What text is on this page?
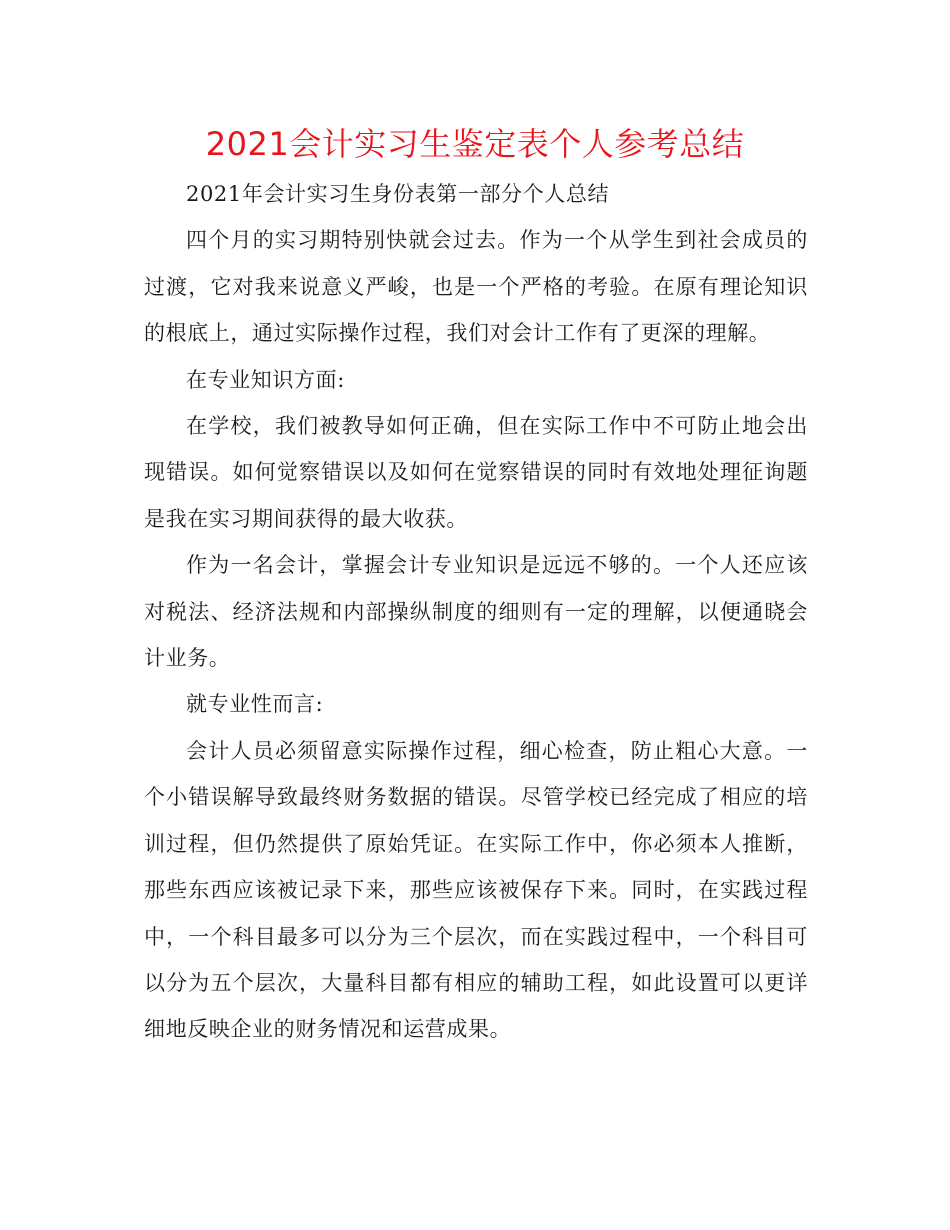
2021会计实习生鉴定表个人参考总结

2021年会计实习生身份表第一部分个人总结

四个月的实习期特别快就会过去。作为一个从学生到社会成员的过渡，它对我来说意义严峻，也是一个严格的考验。在原有理论知识的根底上，通过实际操作过程，我们对会计工作有了更深的理解。

在专业知识方面:

在学校，我们被教导如何正确，但在实际工作中不可防止地会出现错误。如何觉察错误以及如何在觉察错误的同时有效地处理征询题是我在实习期间获得的最大收获。

作为一名会计，掌握会计专业知识是远远不够的。一个人还应该对税法、经济法规和内部操纵制度的细则有一定的理解，以便通晓会计业务。

就专业性而言:

会计人员必须留意实际操作过程，细心检查，防止粗心大意。一个小错误解导致最终财务数据的错误。尽管学校已经完成了相应的培训过程，但仍然提供了原始凭证。在实际工作中，你必须本人推断，那些东西应该被记录下来，那些应该被保存下来。同时，在实践过程中，一个科目最多可以分为三个层次，而在实践过程中，一个科目可以分为五个层次，大量科目都有相应的辅助工程，如此设置可以更详细地反映企业的财务情况和运营成果。
